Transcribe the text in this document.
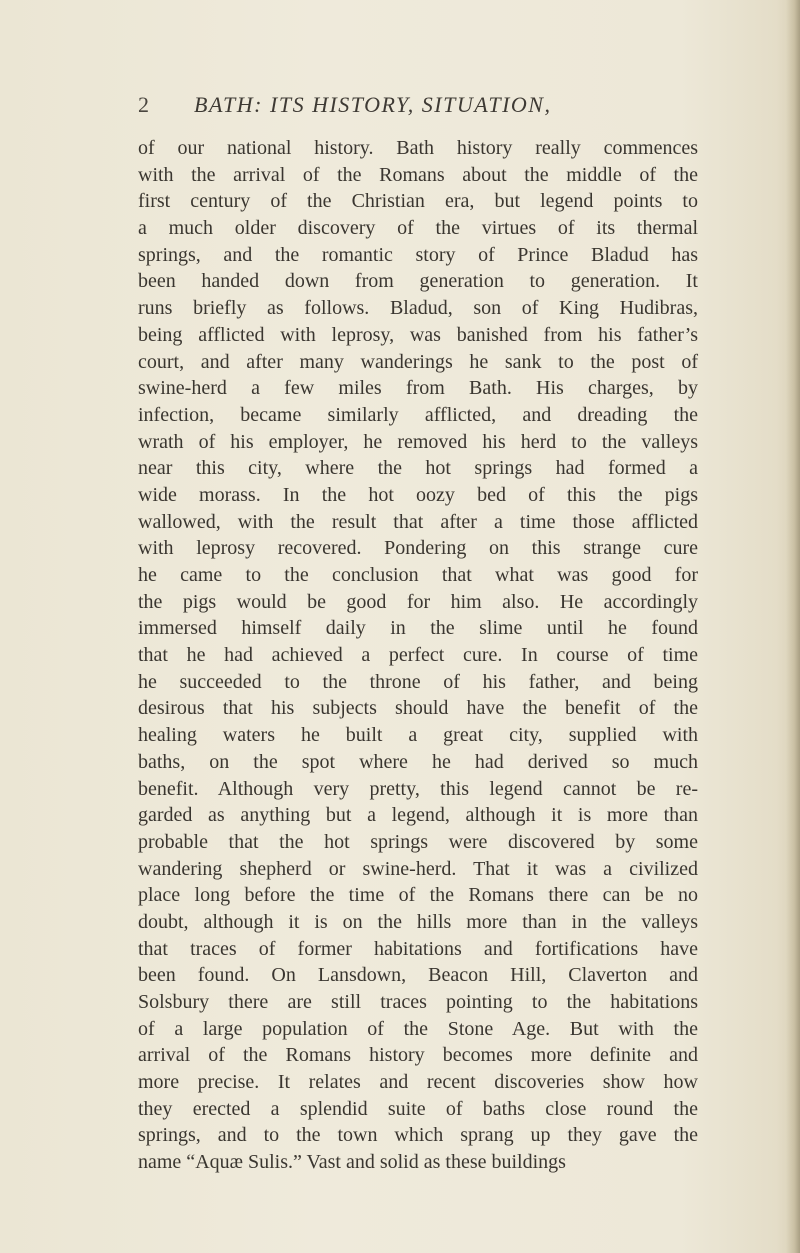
2 BATH: ITS HISTORY, SITUATION,
of our national history. Bath history really commences
with the arrival of the Romans about the middle of the
first century of the Christian era, but legend points to
a much older discovery of the virtues of its thermal
springs, and the romantic story of Prince Bladud has
been handed down from generation to generation. It
runs briefly as follows. Bladud, son of King Hudibras,
being afflicted with leprosy, was banished from his father’s
court, and after many wanderings he sank to the post of
swine-herd a few miles from Bath. His charges, by
infection, became similarly afflicted, and dreading the
wrath of his employer, he removed his herd to the valleys
near this city, where the hot springs had formed a
wide morass. In the hot oozy bed of this the pigs
wallowed, with the result that after a time those afflicted
with leprosy recovered. Pondering on this strange cure
he came to the conclusion that what was good for
the pigs would be good for him also. He accordingly
immersed himself daily in the slime until he found
that he had achieved a perfect cure. In course of time
he succeeded to the throne of his father, and being
desirous that his subjects should have the benefit of the
healing waters he built a great city, supplied with
baths, on the spot where he had derived so much
benefit. Although very pretty, this legend cannot be re-
garded as anything but a legend, although it is more than
probable that the hot springs were discovered by some
wandering shepherd or swine-herd. That it was a civilized
place long before the time of the Romans there can be no
doubt, although it is on the hills more than in the valleys
that traces of former habitations and fortifications have
been found. On Lansdown, Beacon Hill, Claverton and
Solsbury there are still traces pointing to the habitations
of a large population of the Stone Age. But with the
arrival of the Romans history becomes more definite and
more precise. It relates and recent discoveries show how
they erected a splendid suite of baths close round the
springs, and to the town which sprang up they gave the
name “Aquæ Sulis.” Vast and solid as these buildings
